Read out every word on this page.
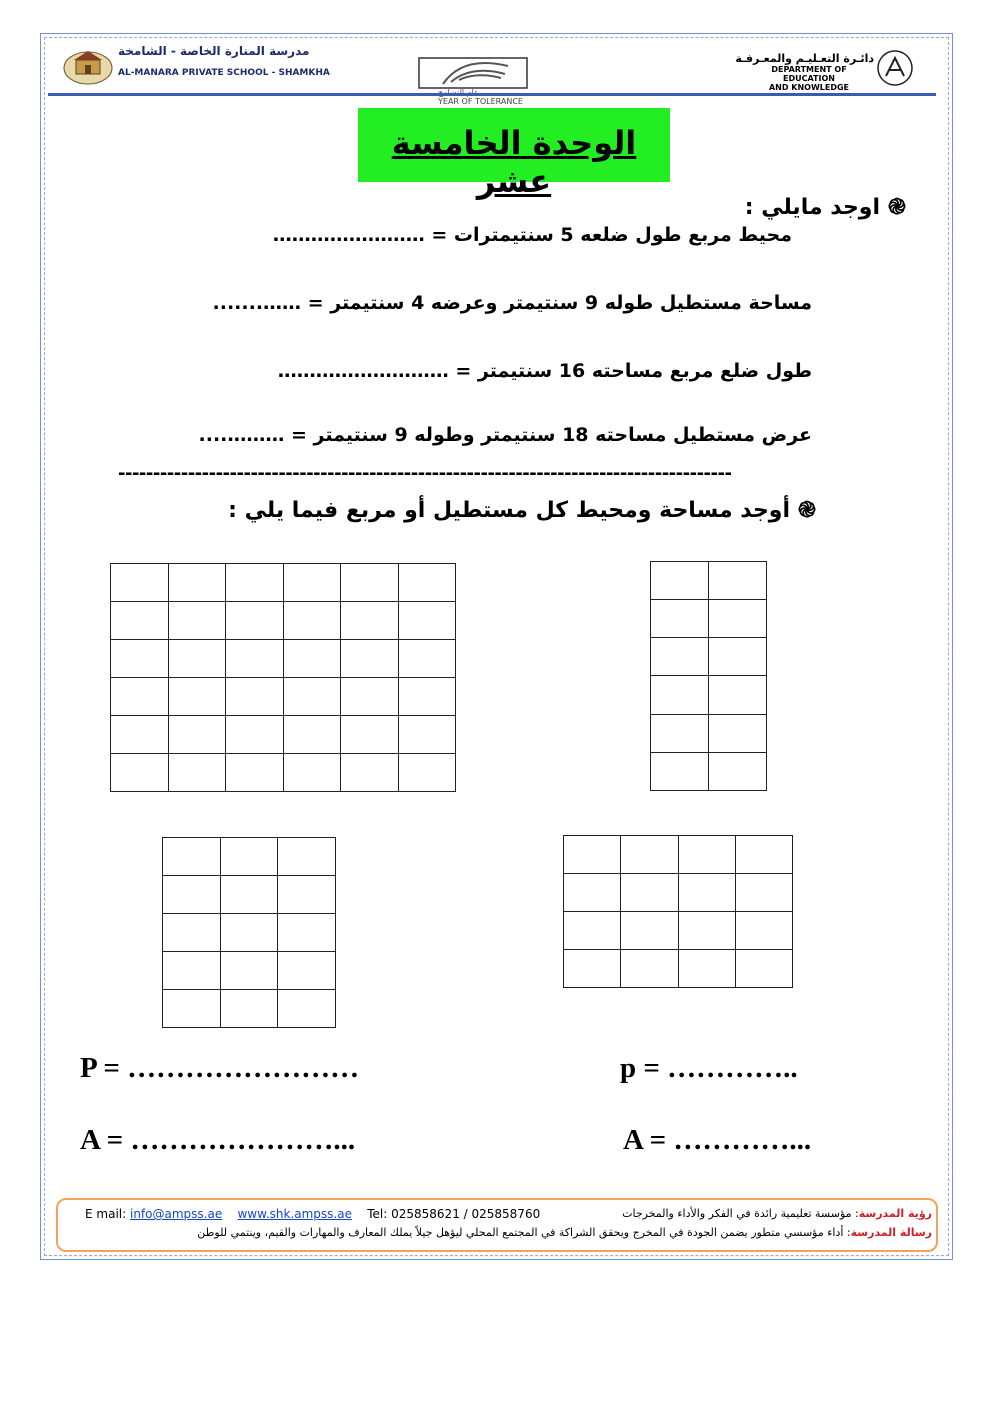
مدرسة المنارة الخاصة - الشامخة
AL-MANARA PRIVATE SCHOOL - SHAMKHA

YEAR OF TOLERANCE
دائـرة التعـليـم والمعـرفـة
DEPARTMENT OF EDUCATION
AND KNOWLEDGE
الوحدة الخامسة عشر
֎اوجد مايلي :
محيط مربع طول ضلعه 5 سنتيمترات = ……………………
مساحة مستطيل طوله 9 سنتيمتر وعرضه 4 سنتيمتر = …….......
طول ضلع مربع مساحته 16 سنتيمتر = ………………………
عرض مستطيل مساحته 18 سنتيمتر وطوله 9 سنتيمتر = ………....
----------------------------------------------------------------------------------------
֎أوجد مساحة ومحيط كل مستطيل أو مربع فيما يلي :

P = ……………………	p = …………..
A = …………………...	A = …………...
رؤية المدرسة: مؤسسة تعليمية رائدة في الفكر والأداء والمخرجات
E mail: info@ampss.ae www.shk.ampss.ae Tel: 025858621 / 025858760
رسالة المدرسة: أداء مؤسسي متطور يضمن الجودة في المخرج ويحقق الشراكة في المجتمع المحلي ليؤهل جيلاً يملك المعارف والمهارات والقيم، وينتمي للوطن
